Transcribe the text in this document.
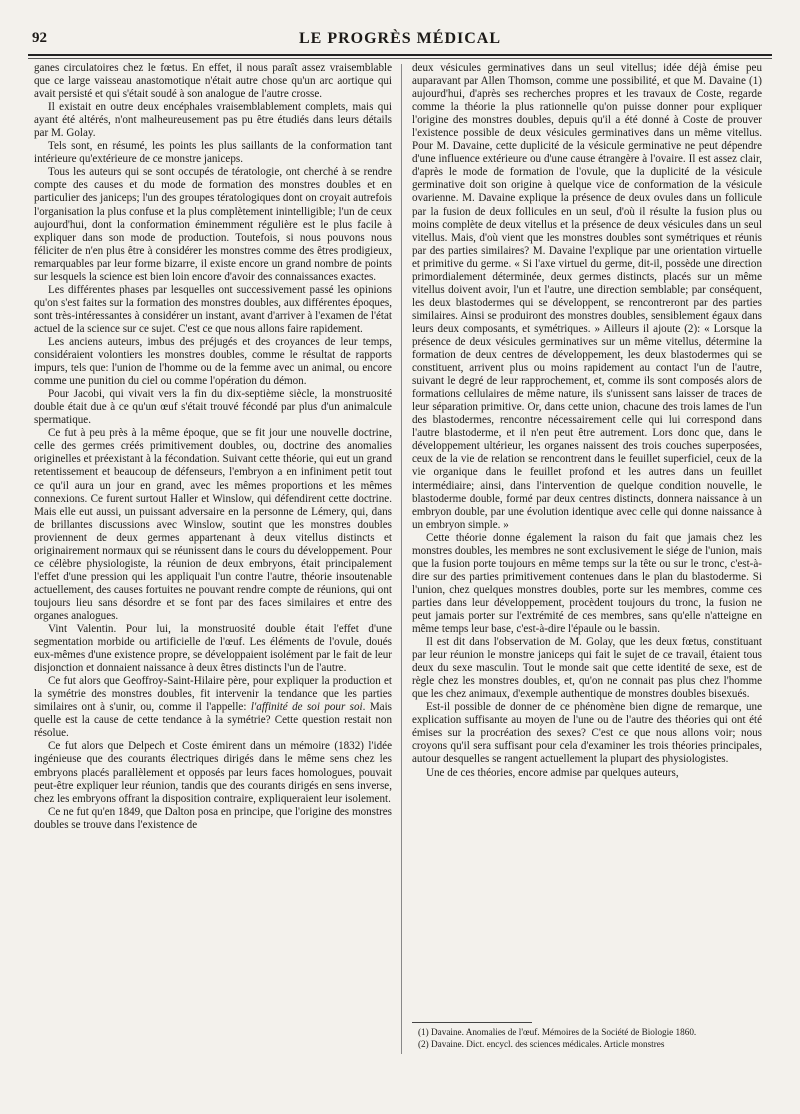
92	LE PROGRÈS MÉDICAL

ganes circulatoires chez le fœtus. En effet, il nous paraît assez vraisemblable que ce large vaisseau anastomotique n'était autre chose qu'un arc aortique qui avait persisté et qui s'était soudé à son analogue de l'autre crosse.

Il existait en outre deux encéphales vraisemblablement complets, mais qui ayant été altérés, n'ont malheureusement pas pu être étudiés dans leurs détails par M. Golay.

Tels sont, en résumé, les points les plus saillants de la conformation tant intérieure qu'extérieure de ce monstre janiceps.

Tous les auteurs qui se sont occupés de tératologie, ont cherché à se rendre compte des causes et du mode de formation des monstres doubles et en particulier des janiceps; l'un des groupes tératologiques dont on croyait autrefois l'organisation la plus confuse et la plus complètement inintelligible; l'un de ceux aujourd'hui, dont la conformation éminemment régulière est le plus facile à expliquer dans son mode de production. Toutefois, si nous pouvons nous féliciter de n'en plus être à considérer les monstres comme des êtres prodigieux, remarquables par leur forme bizarre, il existe encore un grand nombre de points sur lesquels la science est bien loin encore d'avoir des connaissances exactes.

Les différentes phases par lesquelles ont successivement passé les opinions qu'on s'est faites sur la formation des monstres doubles, aux différentes époques, sont très-intéressantes à considérer un instant, avant d'arriver à l'examen de l'état actuel de la science sur ce sujet. C'est ce que nous allons faire rapidement.

Les anciens auteurs, imbus des préjugés et des croyances de leur temps, considéraient volontiers les monstres doubles, comme le résultat de rapports impurs, tels que: l'union de l'homme ou de la femme avec un animal, ou encore comme une punition du ciel ou comme l'opération du démon.

Pour Jacobi, qui vivait vers la fin du dix-septième siècle, la monstruosité double était due à ce qu'un œuf s'était trouvé fécondé par plus d'un animalcule spermatique.

Ce fut à peu près à la même époque, que se fit jour une nouvelle doctrine, celle des germes créés primitivement doubles, ou, doctrine des anomalies originelles et préexistant à la fécondation. Suivant cette théorie, qui eut un grand retentissement et beaucoup de défenseurs, l'embryon a en infiniment petit tout ce qu'il aura un jour en grand, avec les mêmes proportions et les mêmes connexions. Ce furent surtout Haller et Winslow, qui défendirent cette doctrine. Mais elle eut aussi, un puissant adversaire en la personne de Lémery, qui, dans de brillantes discussions avec Winslow, soutint que les monstres doubles proviennent de deux germes appartenant à deux vitellus distincts et originairement normaux qui se réunissent dans le cours du développement. Pour ce célèbre physiologiste, la réunion de deux embryons, était principalement l'effet d'une pression qui les appliquait l'un contre l'autre, théorie insoutenable actuellement, des causes fortuites ne pouvant rendre compte de réunions, qui ont toujours lieu sans désordre et se font par des faces similaires et entre des organes analogues.

Vint Valentin. Pour lui, la monstruosité double était l'effet d'une segmentation morbide ou artificielle de l'œuf. Les éléments de l'ovule, doués eux-mêmes d'une existence propre, se développaient isolément par le fait de leur disjonction et donnaient naissance à deux êtres distincts l'un de l'autre.

Ce fut alors que Geoffroy-Saint-Hilaire père, pour expliquer la production et la symétrie des monstres doubles, fit intervenir la tendance que les parties similaires ont à s'unir, ou, comme il l'appelle: l'affinité de soi pour soi. Mais quelle est la cause de cette tendance à la symétrie? Cette question restait non résolue.

Ce fut alors que Delpech et Coste émirent dans un mémoire (1832) l'idée ingénieuse que des courants électriques dirigés dans le même sens chez les embryons placés parallèlement et opposés par leurs faces homologues, pouvait peut-être expliquer leur réunion, tandis que des courants dirigés en sens inverse, chez les embryons offrant la disposition contraire, expliqueraient leur isolement.

Ce ne fut qu'en 1849, que Dalton posa en principe, que l'origine des monstres doubles se trouve dans l'existence de

deux vésicules germinatives dans un seul vitellus; idée déjà émise peu auparavant par Allen Thomson, comme une possibilité, et que M. Davaine (1) aujourd'hui, d'après ses recherches propres et les travaux de Coste, regarde comme la théorie la plus rationnelle qu'on puisse donner pour expliquer l'origine des monstres doubles, depuis qu'il a été donné à Coste de prouver l'existence possible de deux vésicules germinatives dans un même vitellus. Pour M. Davaine, cette duplicité de la vésicule germinative ne peut dépendre d'une influence extérieure ou d'une cause étrangère à l'ovaire. Il est assez clair, d'après le mode de formation de l'ovule, que la duplicité de la vésicule germinative doit son origine à quelque vice de conformation de la vésicule ovarienne. M. Davaine explique la présence de deux ovules dans un follicule par la fusion de deux follicules en un seul, d'où il résulte la fusion plus ou moins complète de deux vitellus et la présence de deux vésicules dans un seul vitellus. Mais, d'où vient que les monstres doubles sont symétriques et réunis par des parties similaires? M. Davaine l'explique par une orientation virtuelle et primitive du germe. « Si l'axe virtuel du germe, dit-il, possède une direction primordialement déterminée, deux germes distincts, placés sur un même vitellus doivent avoir, l'un et l'autre, une direction semblable; par conséquent, les deux blastodermes qui se développent, se rencontreront par des parties similaires. Ainsi se produiront des monstres doubles, sensiblement égaux dans leurs deux composants, et symétriques. » Ailleurs il ajoute (2): « Lorsque la présence de deux vésicules germinatives sur un même vitellus, détermine la formation de deux centres de développement, les deux blastodermes qui se constituent, arrivent plus ou moins rapidement au contact l'un de l'autre, suivant le degré de leur rapprochement, et, comme ils sont composés alors de formations cellulaires de même nature, ils s'unissent sans laisser de traces de leur séparation primitive. Or, dans cette union, chacune des trois lames de l'un des blastodermes, rencontre nécessairement celle qui lui correspond dans l'autre blastoderme, et il n'en peut être autrement. Lors donc que, dans le développement ultérieur, les organes naissent des trois couches superposées, ceux de la vie de relation se rencontrent dans le feuillet superficiel, ceux de la vie organique dans le feuillet profond et les autres dans un feuillet intermédiaire; ainsi, dans l'intervention de quelque condition nouvelle, le blastoderme double, formé par deux centres distincts, donnera naissance à un embryon double, par une évolution identique avec celle qui donne naissance à un embryon simple. »

Cette théorie donne également la raison du fait que jamais chez les monstres doubles, les membres ne sont exclusivement le siége de l'union, mais que la fusion porte toujours en même temps sur la tête ou sur le tronc, c'est-à-dire sur des parties primitivement contenues dans le plan du blastoderme. Si l'union, chez quelques monstres doubles, porte sur les membres, comme ces parties dans leur développement, procèdent toujours du tronc, la fusion ne peut jamais porter sur l'extrémité de ces membres, sans qu'elle n'atteigne en même temps leur base, c'est-à-dire l'épaule ou le bassin.

Il est dit dans l'observation de M. Golay, que les deux fœtus, constituant par leur réunion le monstre janiceps qui fait le sujet de ce travail, étaient tous deux du sexe masculin. Tout le monde sait que cette identité de sexe, est de règle chez les monstres doubles, et, qu'on ne connait pas plus chez l'homme que les chez animaux, d'exemple authentique de monstres doubles bisexués.

Est-il possible de donner de ce phénomène bien digne de remarque, une explication suffisante au moyen de l'une ou de l'autre des théories qui ont été émises sur la procréation des sexes? C'est ce que nous allons voir; nous croyons qu'il sera suffisant pour cela d'examiner les trois théories principales, autour desquelles se rangent actuellement la plupart des physiologistes.

Une de ces théories, encore admise par quelques auteurs,

(1) Davaine. Anomalies de l'œuf. Mémoires de la Société de Biologie 1860.
(2) Davaine. Dict. encycl. des sciences médicales. Article monstres
